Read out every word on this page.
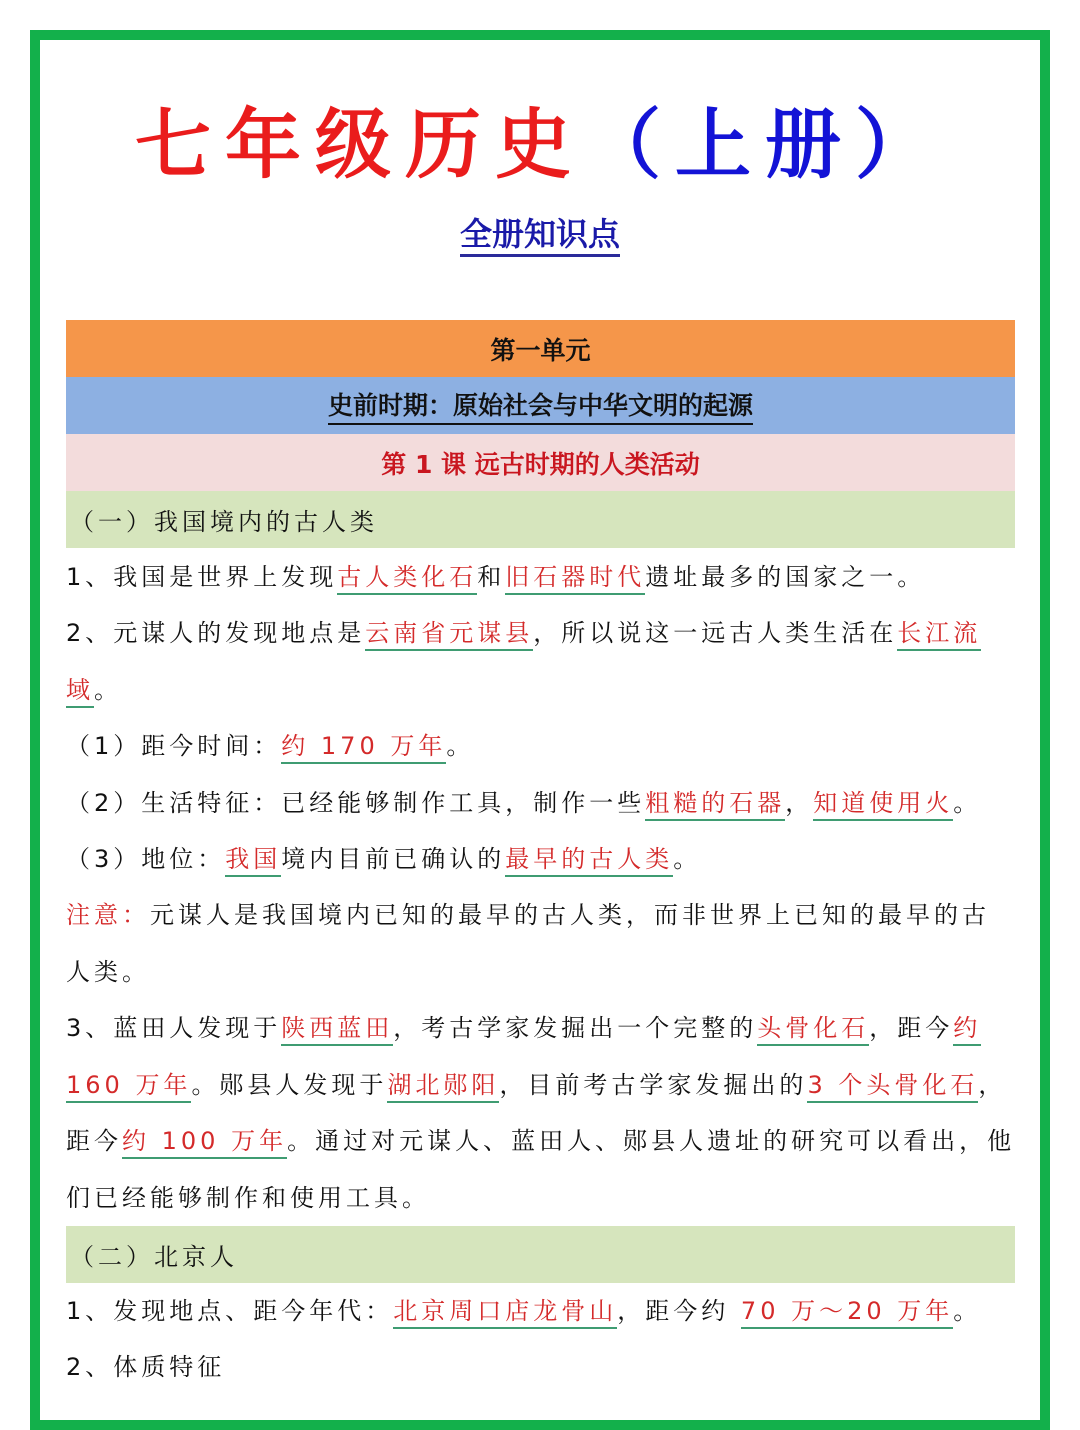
七年级历史（上册）
全册知识点
第一单元
史前时期：原始社会与中华文明的起源
第 1 课 远古时期的人类活动
（一）我国境内的古人类
1、我国是世界上发现古人类化石和旧石器时代遗址最多的国家之一。
2、元谋人的发现地点是云南省元谋县，所以说这一远古人类生活在长江流
域。
（1）距今时间：约 170 万年。
（2）生活特征：已经能够制作工具，制作一些粗糙的石器，知道使用火。
（3）地位：我国境内目前已确认的最早的古人类。
注意：元谋人是我国境内已知的最早的古人类，而非世界上已知的最早的古
人类。
3、蓝田人发现于陕西蓝田，考古学家发掘出一个完整的头骨化石，距今约
160 万年。郧县人发现于湖北郧阳，目前考古学家发掘出的3 个头骨化石，
距今约 100 万年。通过对元谋人、蓝田人、郧县人遗址的研究可以看出，他
们已经能够制作和使用工具。
（二）北京人
1、发现地点、距今年代：北京周口店龙骨山，距今约 70 万～20 万年。
2、体质特征
